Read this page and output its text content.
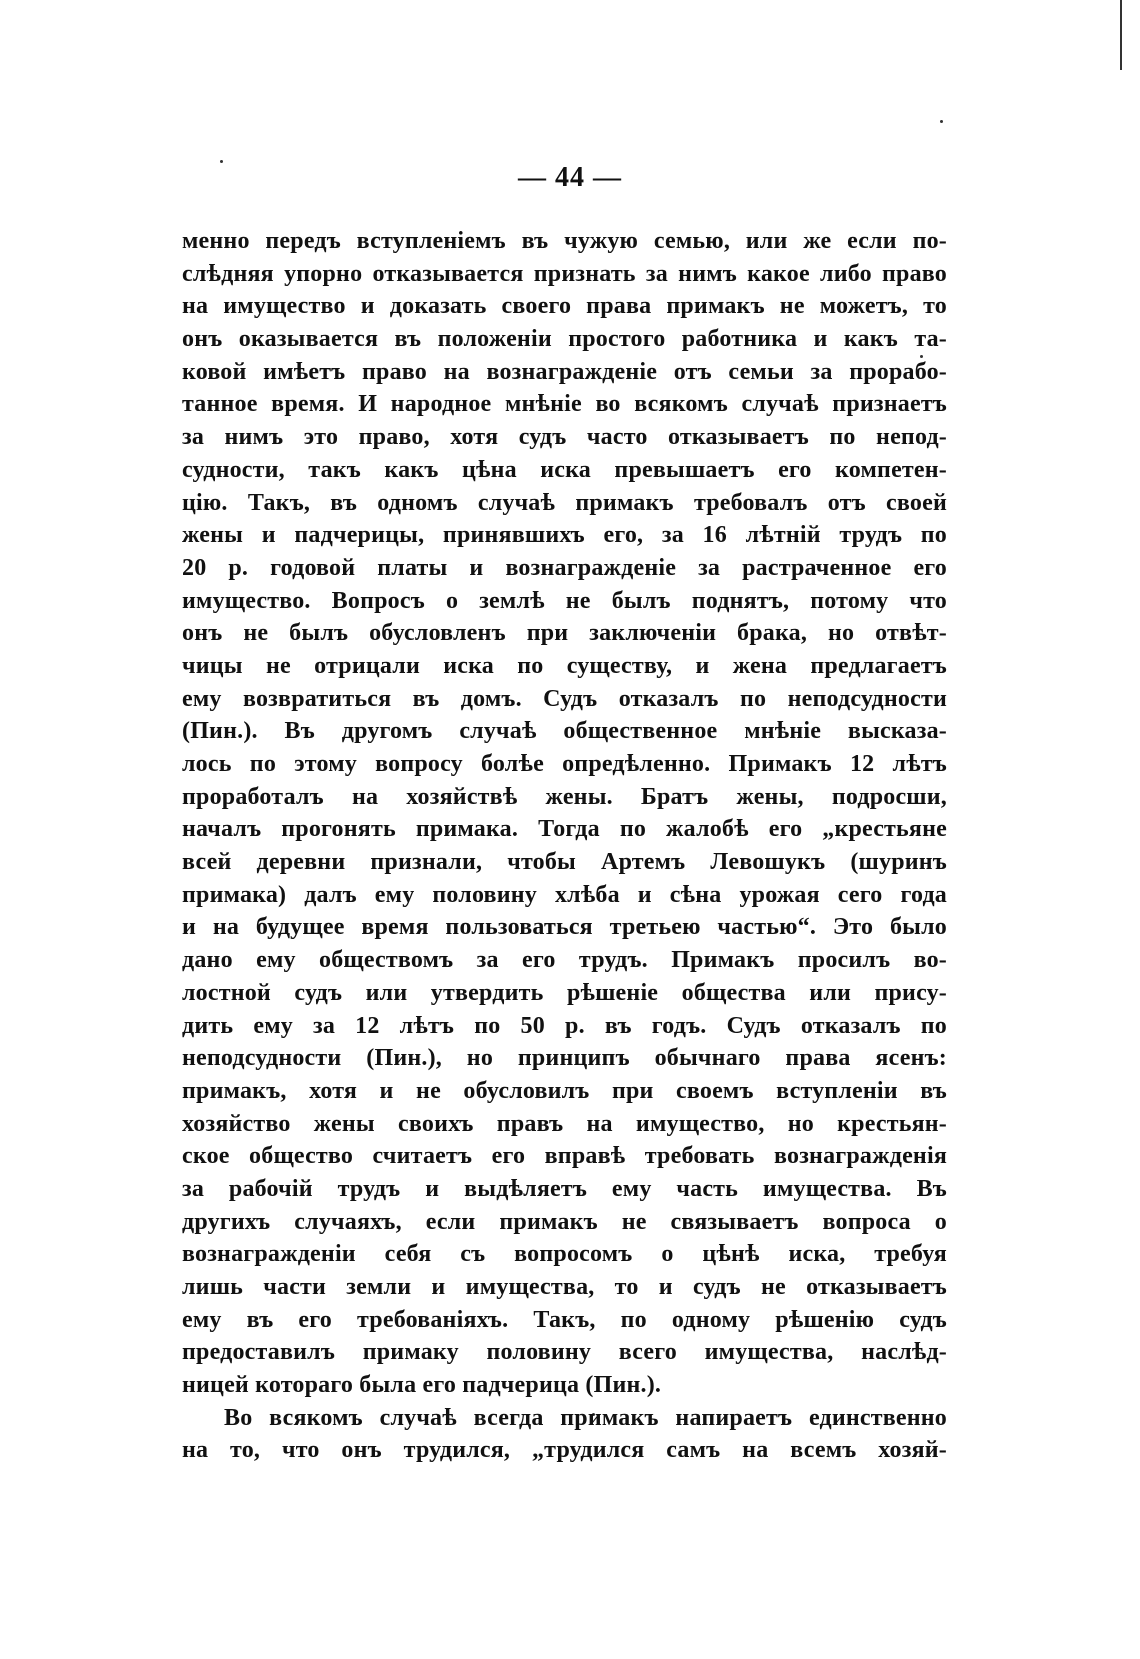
— 44 —
менно передъ вступленіемъ въ чужую семью, или же если по-
слѣдняя упорно отказывается признать за нимъ какое либо право
на имущество и доказать своего права примакъ не можетъ, то
онъ оказывается въ положеніи простого работника и какъ та-
ковой имѣетъ право на вознагражденіе отъ семьи за прорабо-
танное время. И народное мнѣніе во всякомъ случаѣ признаетъ
за нимъ это право, хотя судъ часто отказываетъ по непод-
судности, такъ какъ цѣна иска превышаетъ его компетен-
цію. Такъ, въ одномъ случаѣ примакъ требовалъ отъ своей
жены и падчерицы, принявшихъ его, за 16 лѣтній трудъ по
20 р. годовой платы и вознагражденіе за растраченное его
имущество. Вопросъ о землѣ не былъ поднятъ, потому что
онъ не былъ обусловленъ при заключеніи брака, но отвѣт-
чицы не отрицали иска по существу, и жена предлагаетъ
ему возвратиться въ домъ. Судъ отказалъ по неподсудности
(Пин.). Въ другомъ случаѣ общественное мнѣніе высказа-
лось по этому вопросу болѣе опредѣленно. Примакъ 12 лѣтъ
проработалъ на хозяйствѣ жены. Братъ жены, подросши,
началъ прогонять примака. Тогда по жалобѣ его „крестьяне
всей деревни признали, чтобы Артемъ Левошукъ (шуринъ
примака) далъ ему половину хлѣба и сѣна урожая сего года
и на будущее время пользоваться третьею частью“. Это было
дано ему обществомъ за его трудъ. Примакъ просилъ во-
лостной судъ или утвердить рѣшеніе общества или прису-
дить ему за 12 лѣтъ по 50 р. въ годъ. Судъ отказалъ по
неподсудности (Пин.), но принципъ обычнаго права ясенъ:
примакъ, хотя и не обусловилъ при своемъ вступленіи въ
хозяйство жены своихъ правъ на имущество, но крестьян-
ское общество считаетъ его вправѣ требовать вознагражденія
за рабочій трудъ и выдѣляетъ ему часть имущества. Въ
другихъ случаяхъ, если примакъ не связываетъ вопроса о
вознагражденіи себя съ вопросомъ о цѣнѣ иска, требуя
лишь части земли и имущества, то и судъ не отказываетъ
ему въ его требованіяхъ. Такъ, по одному рѣшенію судъ
предоставилъ примаку половину всего имущества, наслѣд-
ницей котораго была его падчерица (Пин.).
Во всякомъ случаѣ всегда примакъ напираетъ единственно
на то, что онъ трудился, „трудился самъ на всемъ хозяй-
